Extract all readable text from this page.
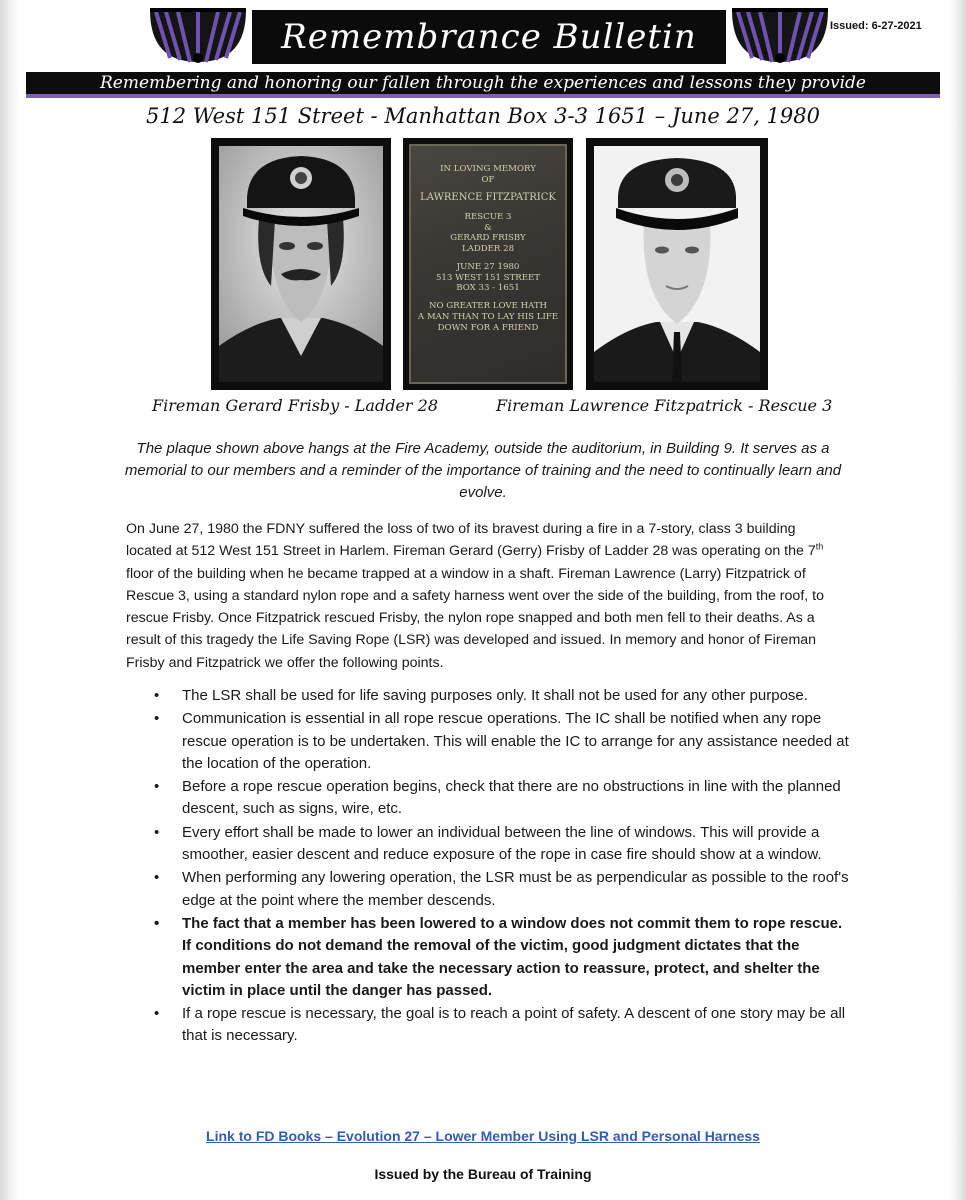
Remembrance Bulletin	Issued: 6-27-2021
Remembering and honoring our fallen through the experiences and lessons they provide
512 West 151 Street - Manhattan Box 3-3 1651 – June 27, 1980
IN LOVING MEMORY
OF
LAWRENCE FITZPATRICK
RESCUE 3
&
GERARD FRISBY
LADDER 28
JUNE 27 1980
513 WEST 151 STREET
BOX 33 - 1651
NO GREATER LOVE HATH
A MAN THAN TO LAY HIS LIFE
DOWN FOR A FRIEND
Fireman Gerard Frisby - Ladder 28	Fireman Lawrence Fitzpatrick - Rescue 3

The plaque shown above hangs at the Fire Academy, outside the auditorium, in Building 9. It serves as a memorial to our members and a reminder of the importance of training and the need to continually learn and evolve.

On June 27, 1980 the FDNY suffered the loss of two of its bravest during a fire in a 7-story, class 3 building located at 512 West 151 Street in Harlem. Fireman Gerard (Gerry) Frisby of Ladder 28 was operating on the 7th floor of the building when he became trapped at a window in a shaft. Fireman Lawrence (Larry) Fitzpatrick of Rescue 3, using a standard nylon rope and a safety harness went over the side of the building, from the roof, to rescue Frisby. Once Fitzpatrick rescued Frisby, the nylon rope snapped and both men fell to their deaths. As a result of this tragedy the Life Saving Rope (LSR) was developed and issued. In memory and honor of Fireman Frisby and Fitzpatrick we offer the following points.

• The LSR shall be used for life saving purposes only. It shall not be used for any other purpose.
• Communication is essential in all rope rescue operations. The IC shall be notified when any rope rescue operation is to be undertaken. This will enable the IC to arrange for any assistance needed at the location of the operation.
• Before a rope rescue operation begins, check that there are no obstructions in line with the planned descent, such as signs, wire, etc.
• Every effort shall be made to lower an individual between the line of windows. This will provide a smoother, easier descent and reduce exposure of the rope in case fire should show at a window.
• When performing any lowering operation, the LSR must be as perpendicular as possible to the roof's edge at the point where the member descends.
• The fact that a member has been lowered to a window does not commit them to rope rescue. If conditions do not demand the removal of the victim, good judgment dictates that the member enter the area and take the necessary action to reassure, protect, and shelter the victim in place until the danger has passed.
• If a rope rescue is necessary, the goal is to reach a point of safety. A descent of one story may be all that is necessary.
Link to FD Books – Evolution 27 – Lower Member Using LSR and Personal Harness
Issued by the Bureau of Training
